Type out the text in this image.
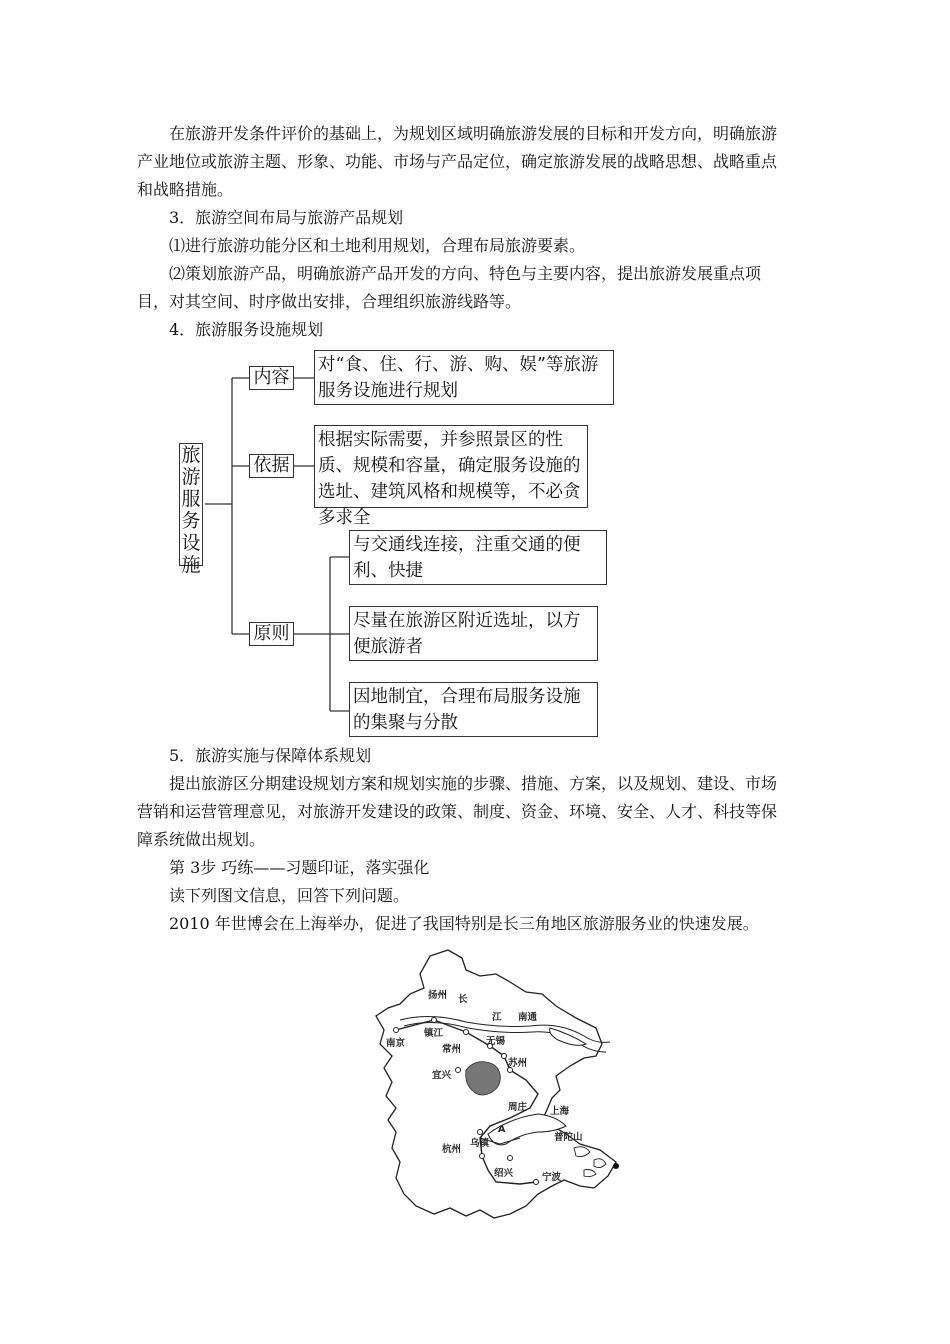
在旅游开发条件评价的基础上，为规划区域明确旅游发展的目标和开发方向，明确旅游
产业地位或旅游主题、形象、功能、市场与产品定位，确定旅游发展的战略思想、战略重点
和战略措施。
3．旅游空间布局与旅游产品规划
⑴进行旅游功能分区和土地利用规划，合理布局旅游要素。
⑵策划旅游产品，明确旅游产品开发的方向、特色与主要内容，提出旅游发展重点项
目，对其空间、时序做出安排，合理组织旅游线路等。
4．旅游服务设施规划
旅
游
服
务
设
施
内容
对“食、住、行、游、购、娱”等旅游服务设施进行规划
依据
根据实际需要，并参照景区的性质、规模和容量，确定服务设施的选址、建筑风格和规模等，不必贪多求全
原则
与交通线连接，注重交通的便利、快捷
尽量在旅游区附近选址，以方便旅游者
因地制宜，合理布局服务设施的集聚与分散
5．旅游实施与保障体系规划
提出旅游区分期建设规划方案和规划实施的步骤、措施、方案，以及规划、建设、市场
营销和运营管理意见，对旅游开发建设的政策、制度、资金、环境、安全、人才、科技等保
障系统做出规划。
第 3步 巧练——习题印证，落实强化
读下列图文信息，回答下列问题。
2010 年世博会在上海举办，促进了我国特别是长三角地区旅游服务业的快速发展。
扬州 长
江 南通
南京
镇江
常州
无锡
苏州
宜兴
周庄 上海
乌镇
A
普陀山
杭州
绍兴	宁波
